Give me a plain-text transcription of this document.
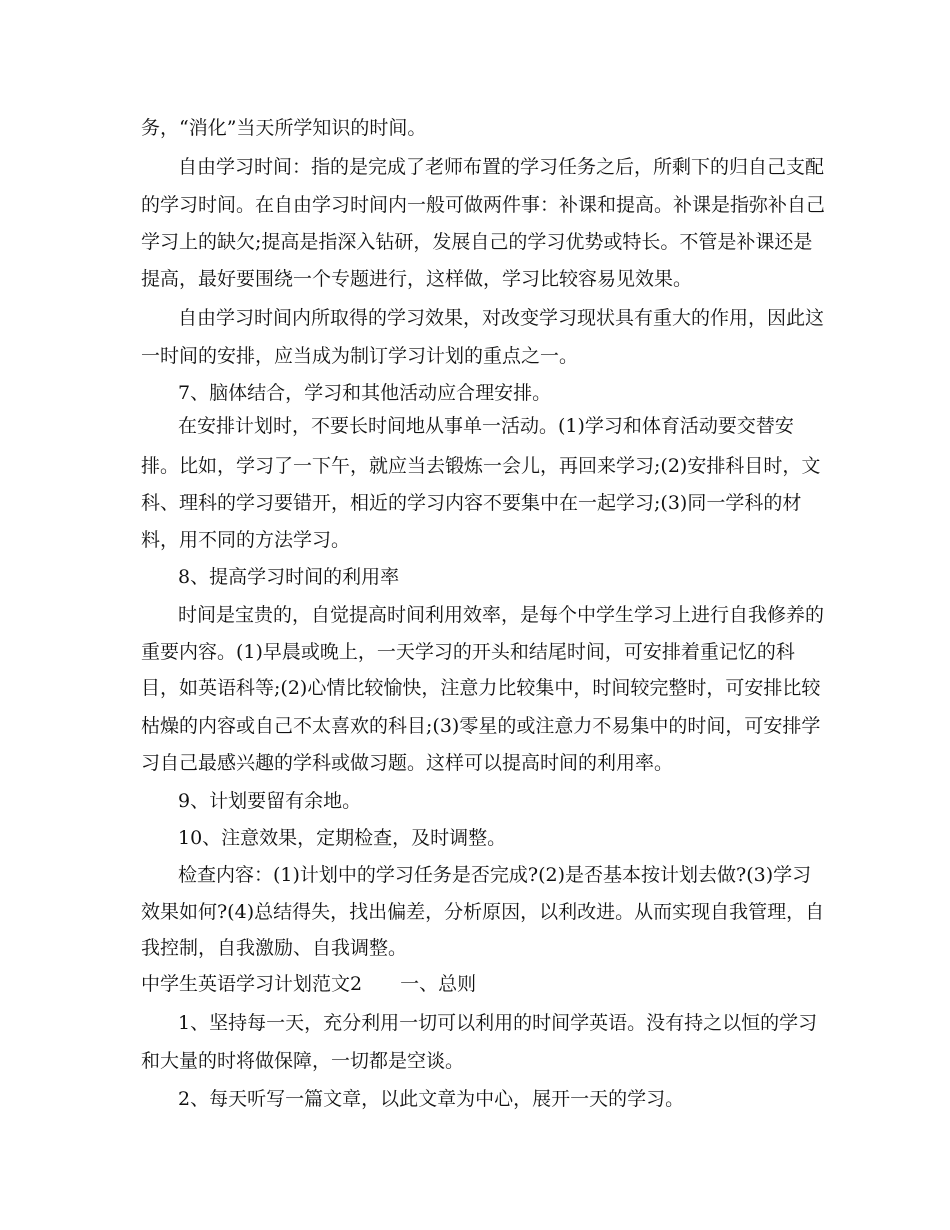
务，“消化”当天所学知识的时间。
自由学习时间：指的是完成了老师布置的学习任务之后，所剩下的归自己支配
的学习时间。在自由学习时间内一般可做两件事：补课和提高。补课是指弥补自己
学习上的缺欠;提高是指深入钻研，发展自己的学习优势或特长。不管是补课还是
提高，最好要围绕一个专题进行，这样做，学习比较容易见效果。
自由学习时间内所取得的学习效果，对改变学习现状具有重大的作用，因此这
一时间的安排，应当成为制订学习计划的重点之一。
7、脑体结合，学习和其他活动应合理安排。
在安排计划时，不要长时间地从事单一活动。(1)学习和体育活动要交替安
排。比如，学习了一下午，就应当去锻炼一会儿，再回来学习;(2)安排科目时，文
科、理科的学习要错开，相近的学习内容不要集中在一起学习;(3)同一学科的材
料，用不同的方法学习。
8、提高学习时间的利用率
时间是宝贵的，自觉提高时间利用效率，是每个中学生学习上进行自我修养的
重要内容。(1)早晨或晚上，一天学习的开头和结尾时间，可安排着重记忆的科
目，如英语科等;(2)心情比较愉快，注意力比较集中，时间较完整时，可安排比较
枯燥的内容或自己不太喜欢的科目;(3)零星的或注意力不易集中的时间，可安排学
习自己最感兴趣的学科或做习题。这样可以提高时间的利用率。
9、计划要留有余地。
10、注意效果，定期检查，及时调整。
检查内容：(1)计划中的学习任务是否完成?(2)是否基本按计划去做?(3)学习
效果如何?(4)总结得失，找出偏差，分析原因，以利改进。从而实现自我管理，自
我控制，自我激励、自我调整。
中学生英语学习计划范文2　　一、总则
1、坚持每一天，充分利用一切可以利用的时间学英语。没有持之以恒的学习
和大量的时将做保障，一切都是空谈。
2、每天听写一篇文章，以此文章为中心，展开一天的学习。
